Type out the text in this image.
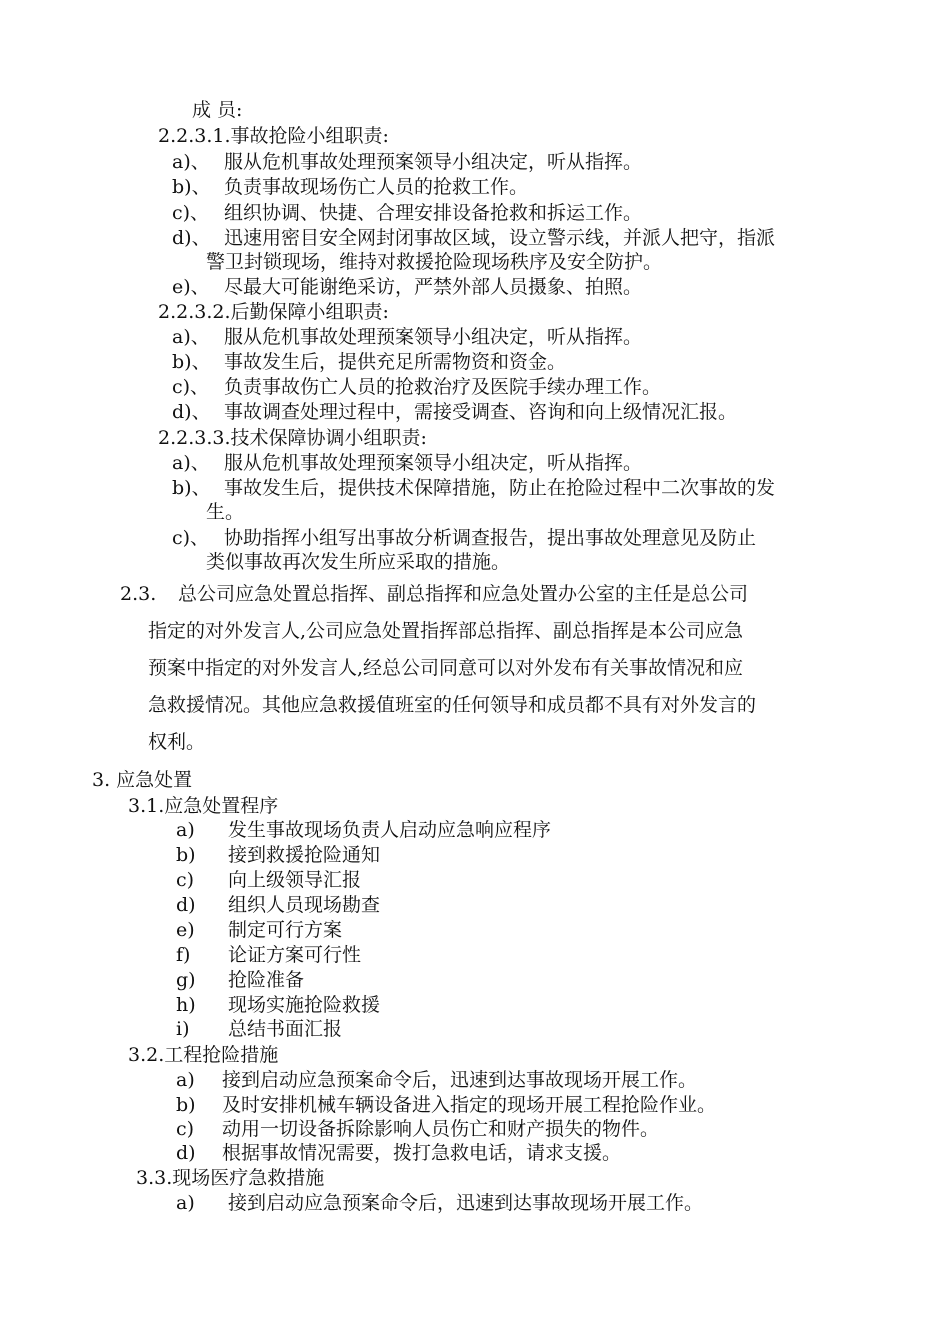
成 员:
2.2.3.1.事故抢险小组职责:
a)、 服从危机事故处理预案领导小组决定，听从指挥。
b)、 负责事故现场伤亡人员的抢救工作。
c)、 组织协调、快捷、合理安排设备抢救和拆运工作。
d)、 迅速用密目安全网封闭事故区域，设立警示线，并派人把守，指派
警卫封锁现场，维持对救援抢险现场秩序及安全防护。
e)、 尽最大可能谢绝采访，严禁外部人员摄象、拍照。
2.2.3.2.后勤保障小组职责:
a)、 服从危机事故处理预案领导小组决定，听从指挥。
b)、 事故发生后，提供充足所需物资和资金。
c)、 负责事故伤亡人员的抢救治疗及医院手续办理工作。
d)、 事故调查处理过程中，需接受调查、咨询和向上级情况汇报。
2.2.3.3.技术保障协调小组职责:
a)、 服从危机事故处理预案领导小组决定，听从指挥。
b)、 事故发生后，提供技术保障措施，防止在抢险过程中二次事故的发
生。
c)、 协助指挥小组写出事故分析调查报告，提出事故处理意见及防止
类似事故再次发生所应采取的措施。
2.3. 总公司应急处置总指挥、副总指挥和应急处置办公室的主任是总公司
指定的对外发言人,公司应急处置指挥部总指挥、副总指挥是本公司应急
预案中指定的对外发言人,经总公司同意可以对外发布有关事故情况和应
急救援情况。其他应急救援值班室的任何领导和成员都不具有对外发言的
权利。
3. 应急处置
3.1.应急处置程序
a) 发生事故现场负责人启动应急响应程序
b) 接到救援抢险通知
c) 向上级领导汇报
d) 组织人员现场勘查
e) 制定可行方案
f) 论证方案可行性
g) 抢险准备
h) 现场实施抢险救援
i) 总结书面汇报
3.2.工程抢险措施
a) 接到启动应急预案命令后，迅速到达事故现场开展工作。
b) 及时安排机械车辆设备进入指定的现场开展工程抢险作业。
c) 动用一切设备拆除影响人员伤亡和财产损失的物件。
d) 根据事故情况需要，拨打急救电话，请求支援。
3.3.现场医疗急救措施
a) 接到启动应急预案命令后，迅速到达事故现场开展工作。
